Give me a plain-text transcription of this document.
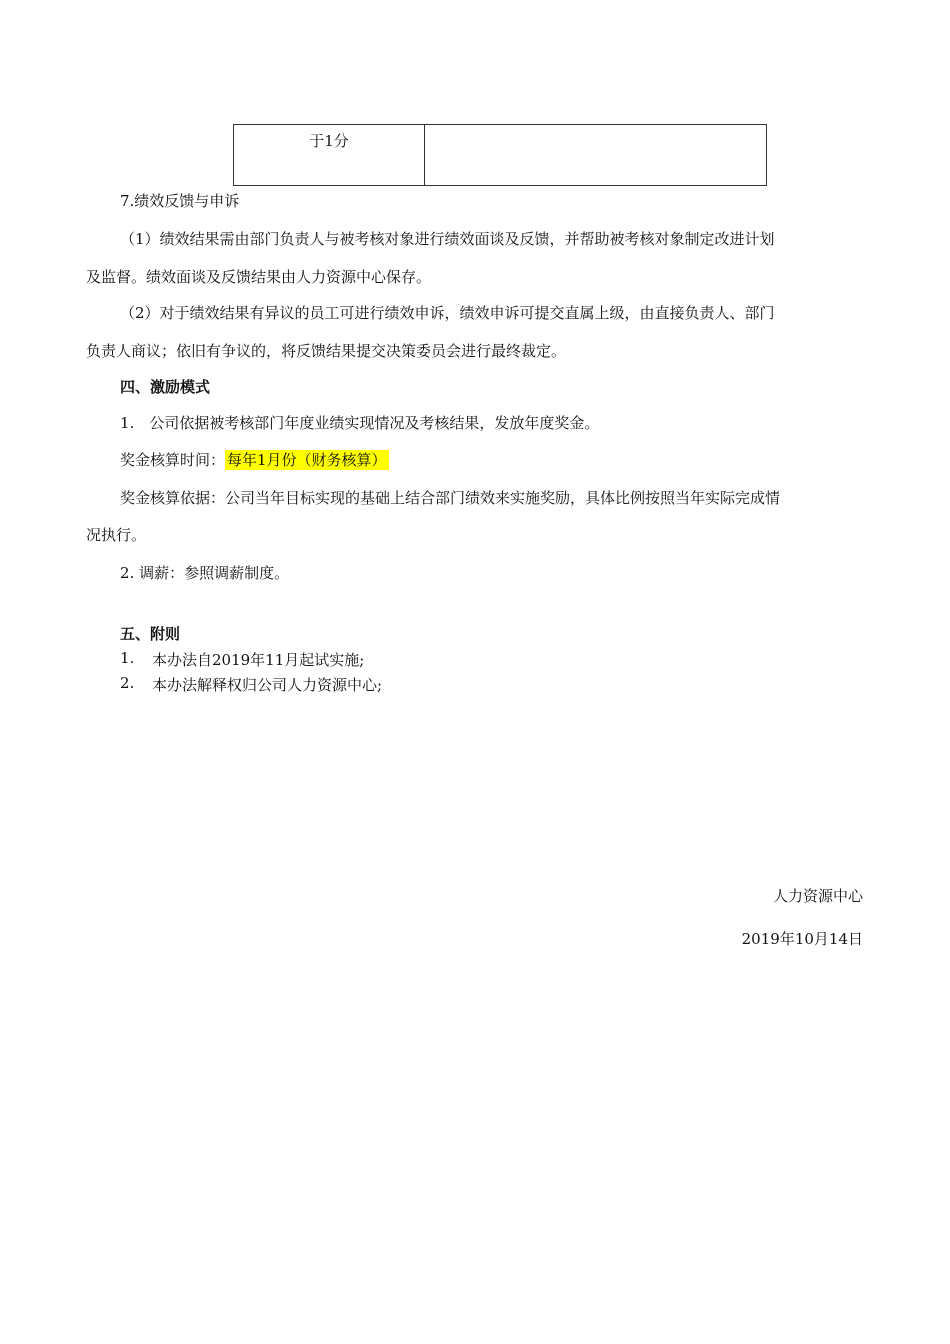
于1分	
7.绩效反馈与申诉
（1）绩效结果需由部门负责人与被考核对象进行绩效面谈及反馈，并帮助被考核对象制定改进计划
及监督。绩效面谈及反馈结果由人力资源中心保存。
（2）对于绩效结果有异议的员工可进行绩效申诉，绩效申诉可提交直属上级，由直接负责人、部门
负责人商议；依旧有争议的，将反馈结果提交决策委员会进行最终裁定。
四、激励模式
1.　公司依据被考核部门年度业绩实现情况及考核结果，发放年度奖金。
奖金核算时间： 每年1月份（财务核算）
奖金核算依据：公司当年目标实现的基础上结合部门绩效来实施奖励，具体比例按照当年实际完成情
况执行。
2. 调薪：参照调薪制度。
五、附则
1. 本办法自2019年11月起试实施;
2. 本办法解释权归公司人力资源中心;
人力资源中心
2019年10月14日
